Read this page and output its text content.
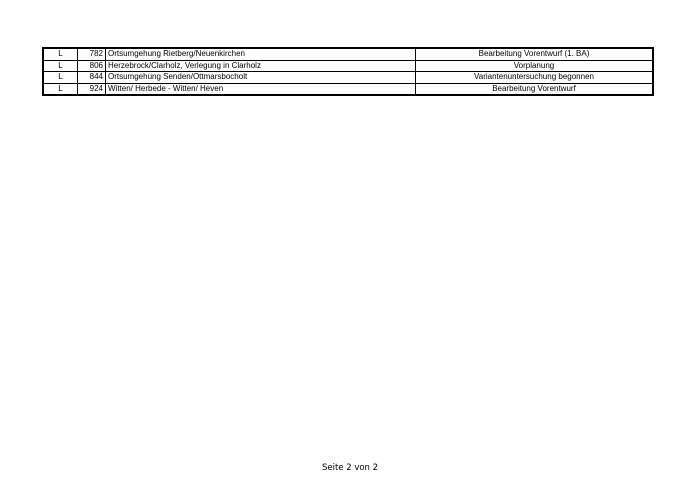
L	782	Ortsumgehung Rietberg/Neuenkirchen	Bearbeitung Vorentwurf (1. BA)
L	806	Herzebrock/Clarholz, Verlegung in Clarholz	Vorplanung
L	844	Ortsumgehung Senden/Ottmarsbocholt	Variantenuntersuchung begonnen
L	924	Witten/ Herbede - Witten/ Heven	Bearbeitung Vorentwurf
Seite 2 von 2
